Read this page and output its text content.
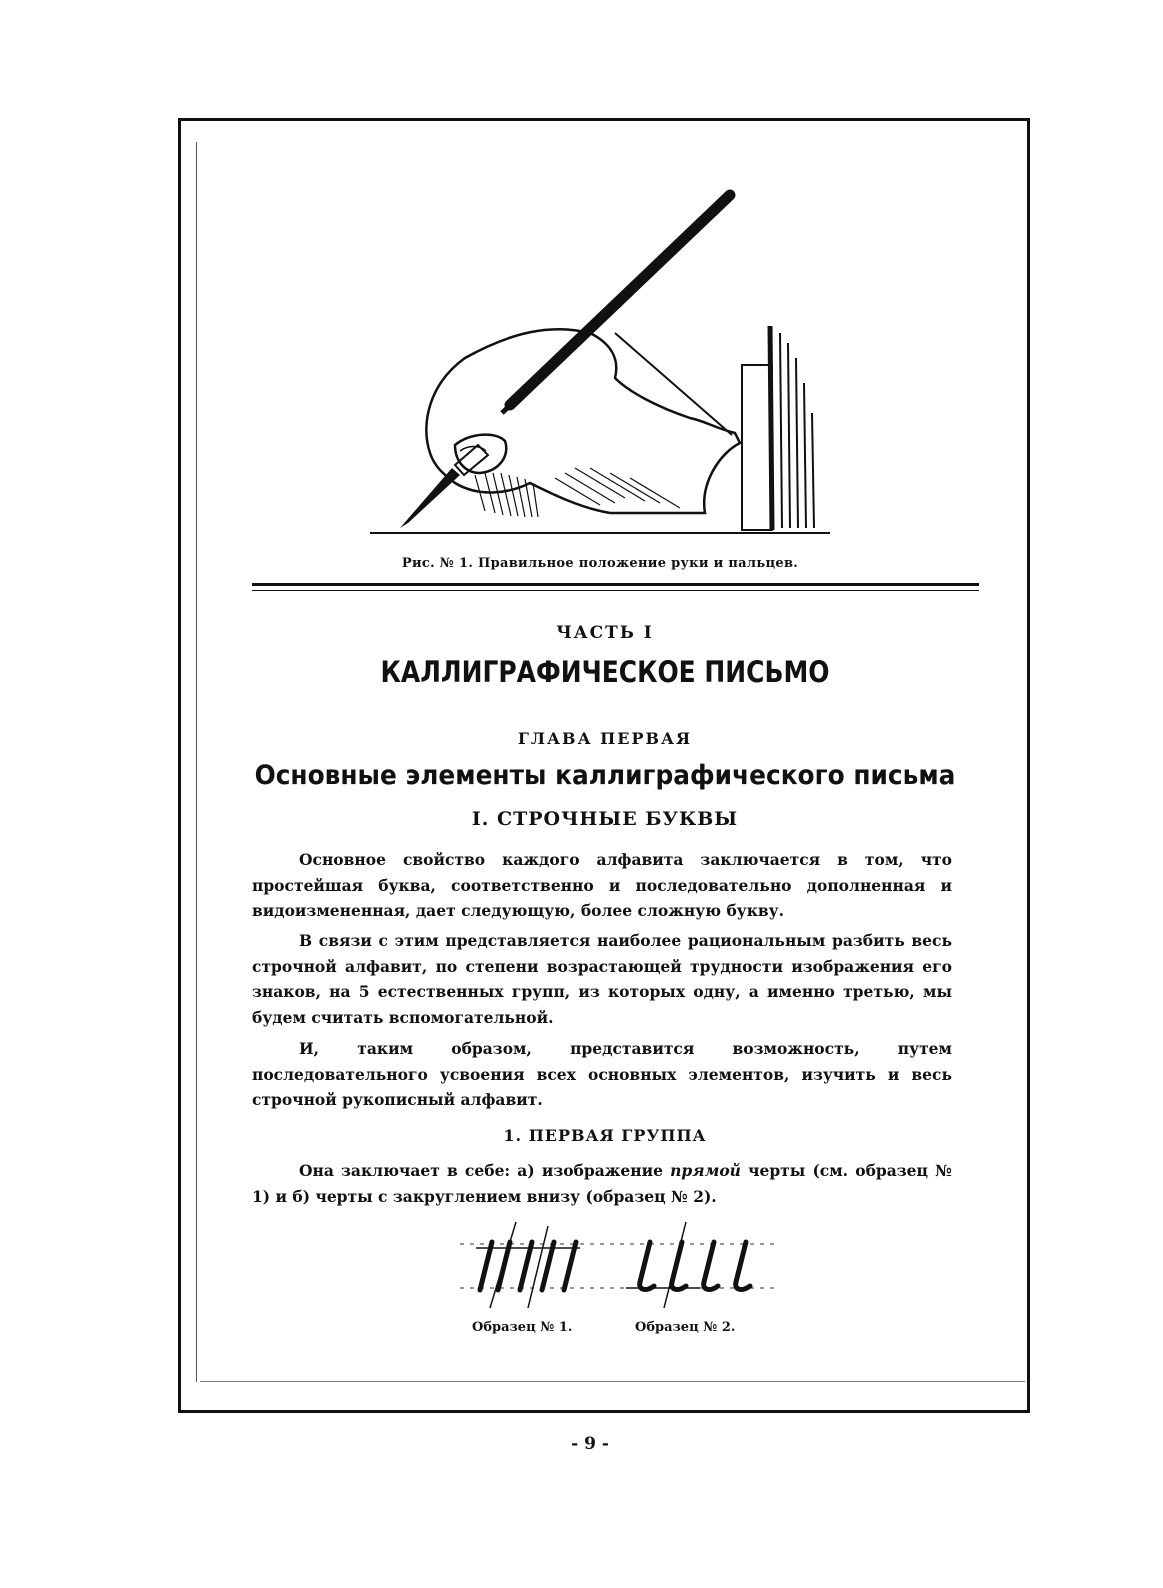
Рис. № 1. Правильное положение руки и пальцев.
ЧАСТЬ I
КАЛЛИГРАФИЧЕСКОЕ ПИСЬМО
ГЛАВА ПЕРВАЯ
Основные элементы каллиграфического письма
I. СТРОЧНЫЕ БУКВЫ

Основное свойство каждого алфавита заключается в том, что простейшая буква, соответственно и последовательно дополненная и видоизмененная, дает следующую, более сложную букву.

В связи с этим представляется наиболее рациональным разбить весь строчной алфавит, по степени возрастающей трудности изображения его знаков, на 5 естественных групп, из которых одну, а именно третью, мы будем считать вспомогательной.

И, таким образом, представится возможность, путем последовательного усвоения всех основных элементов, изучить и весь строчной рукописный алфавит.

1. ПЕРВАЯ ГРУППА

Она заключает в себе: а) изображение прямой черты (см. образец № 1) и б) черты с закруглением внизу (образец № 2).

Образец № 1.	Образец № 2.
- 9 -
